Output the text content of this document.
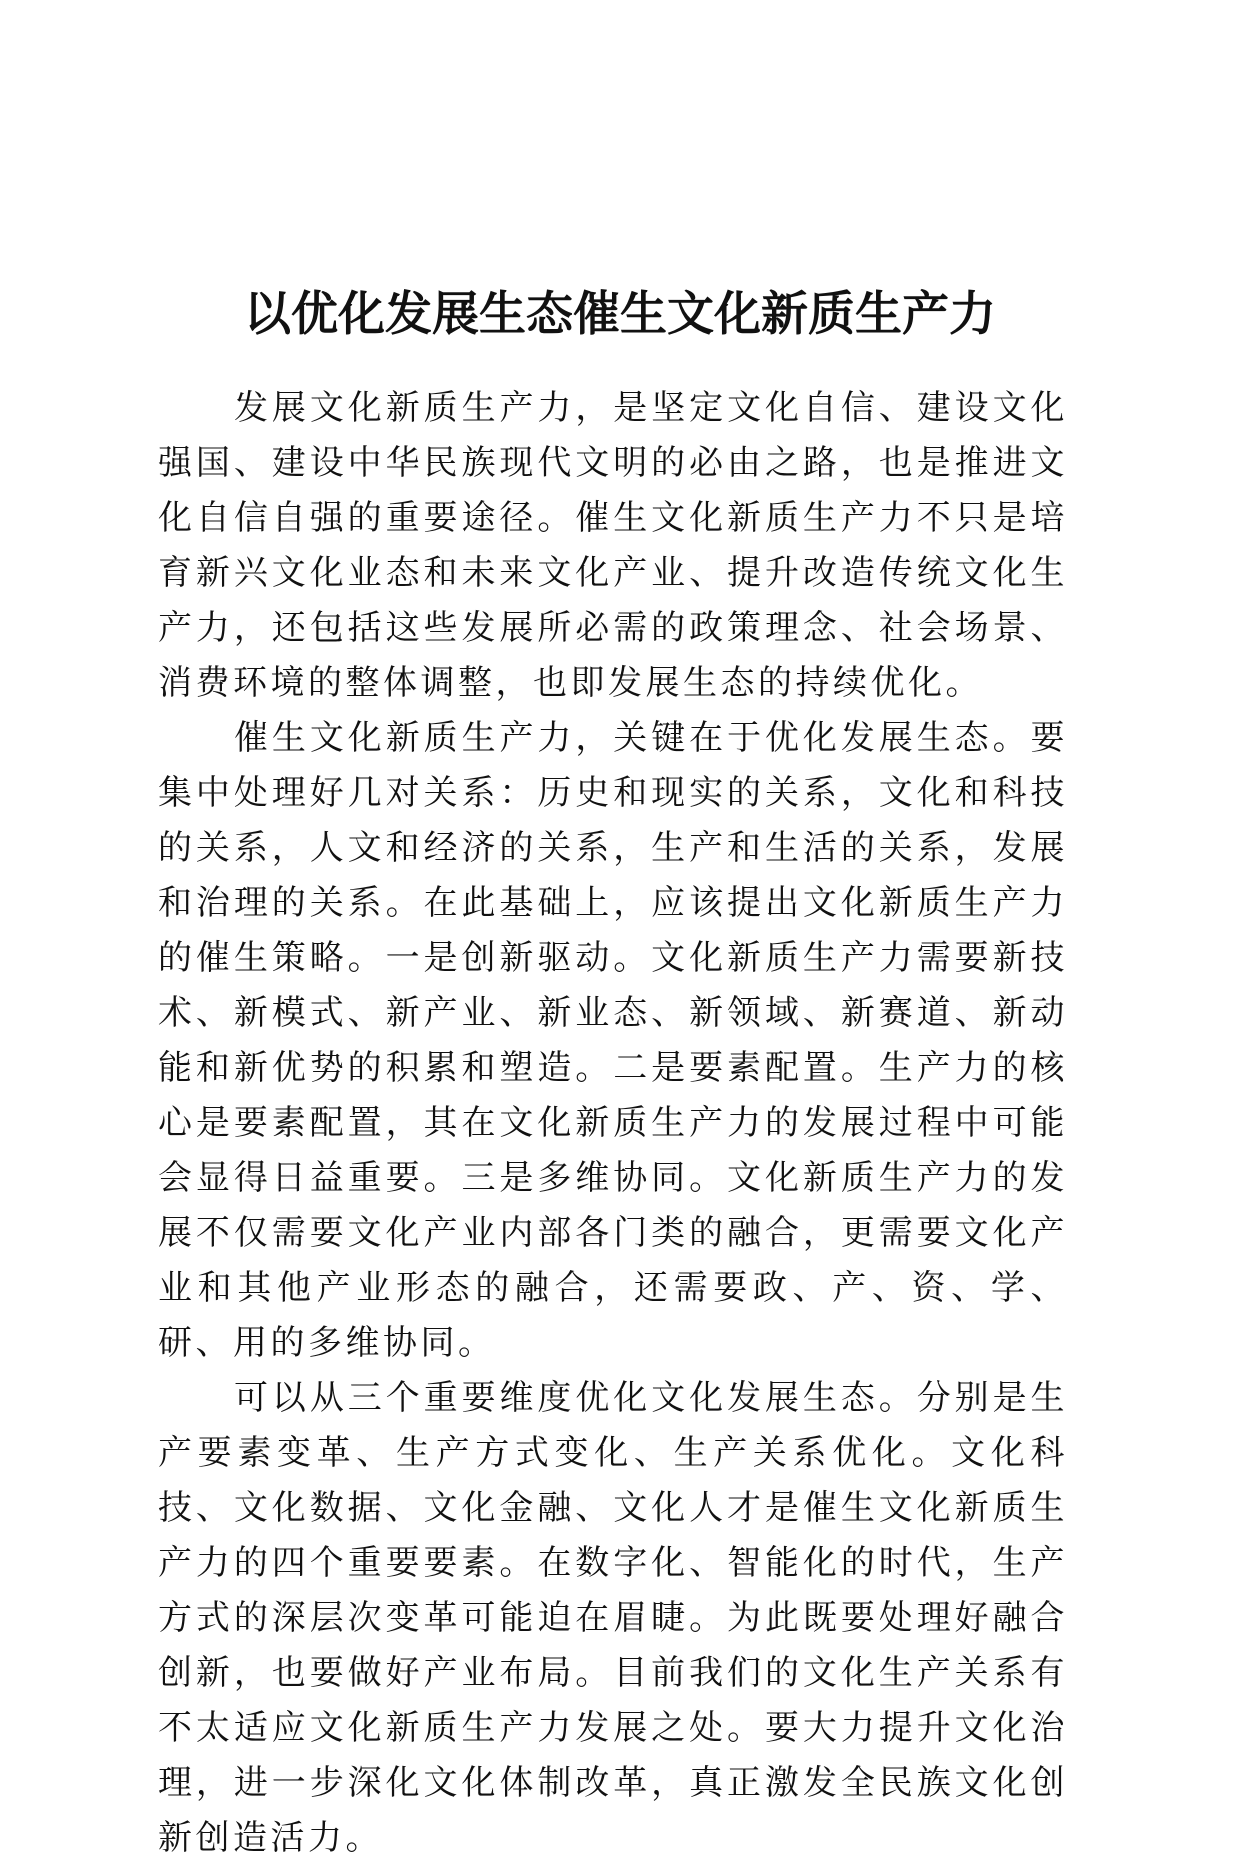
以优化发展生态催生文化新质生产力

发展文化新质生产力，是坚定文化自信、建设文化强国、建设中华民族现代文明的必由之路，也是推进文化自信自强的重要途径。催生文化新质生产力不只是培育新兴文化业态和未来文化产业、提升改造传统文化生产力，还包括这些发展所必需的政策理念、社会场景、消费环境的整体调整，也即发展生态的持续优化。

催生文化新质生产力，关键在于优化发展生态。要集中处理好几对关系：历史和现实的关系，文化和科技的关系，人文和经济的关系，生产和生活的关系，发展和治理的关系。在此基础上，应该提出文化新质生产力的催生策略。一是创新驱动。文化新质生产力需要新技术、新模式、新产业、新业态、新领域、新赛道、新动能和新优势的积累和塑造。二是要素配置。生产力的核心是要素配置，其在文化新质生产力的发展过程中可能会显得日益重要。三是多维协同。文化新质生产力的发展不仅需要文化产业内部各门类的融合，更需要文化产业和其他产业形态的融合，还需要政、产、资、学、研、用的多维协同。

可以从三个重要维度优化文化发展生态。分别是生产要素变革、生产方式变化、生产关系优化。文化科技、文化数据、文化金融、文化人才是催生文化新质生产力的四个重要要素。在数字化、智能化的时代，生产方式的深层次变革可能迫在眉睫。为此既要处理好融合创新，也要做好产业布局。目前我们的文化生产关系有不太适应文化新质生产力发展之处。要大力提升文化治理，进一步深化文化体制改革，真正激发全民族文化创新创造活力。
